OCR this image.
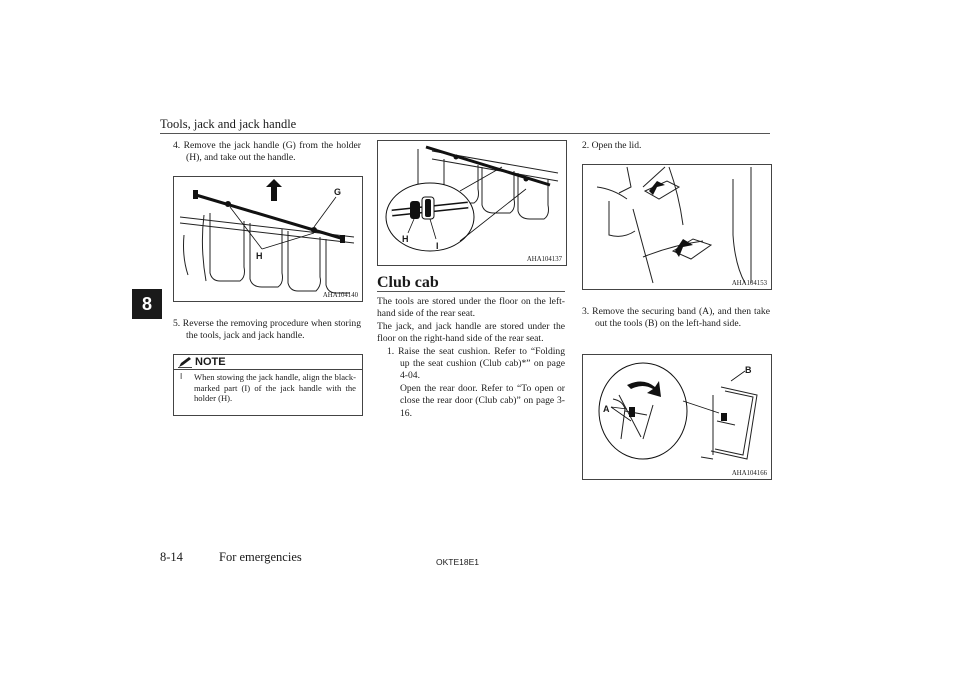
Tools, jack and jack handle
8
4. Remove the jack handle (G) from the holder (H), and take out the handle.
G
H
AHA104140
5. Reverse the removing procedure when storing the tools, jack and jack handle.
NOTE
l	When stowing the jack handle, align the black-marked part (I) of the jack handle with the holder (H).
H
I
AHA104137
Club cab
The tools are stored under the floor on the left-hand side of the rear seat.
The jack, and jack handle are stored under the floor on the right-hand side of the rear seat.
1. Raise the seat cushion. Refer to “Folding up the seat cushion (Club cab)*” on page 4-04.
Open the rear door. Refer to “To open or close the rear door (Club cab)” on page 3-16.
2. Open the lid.
AHA104153
3. Remove the securing band (A), and then take out the tools (B) on the left-hand side.
A
B
AHA104166
8-14	For emergencies	OKTE18E1
